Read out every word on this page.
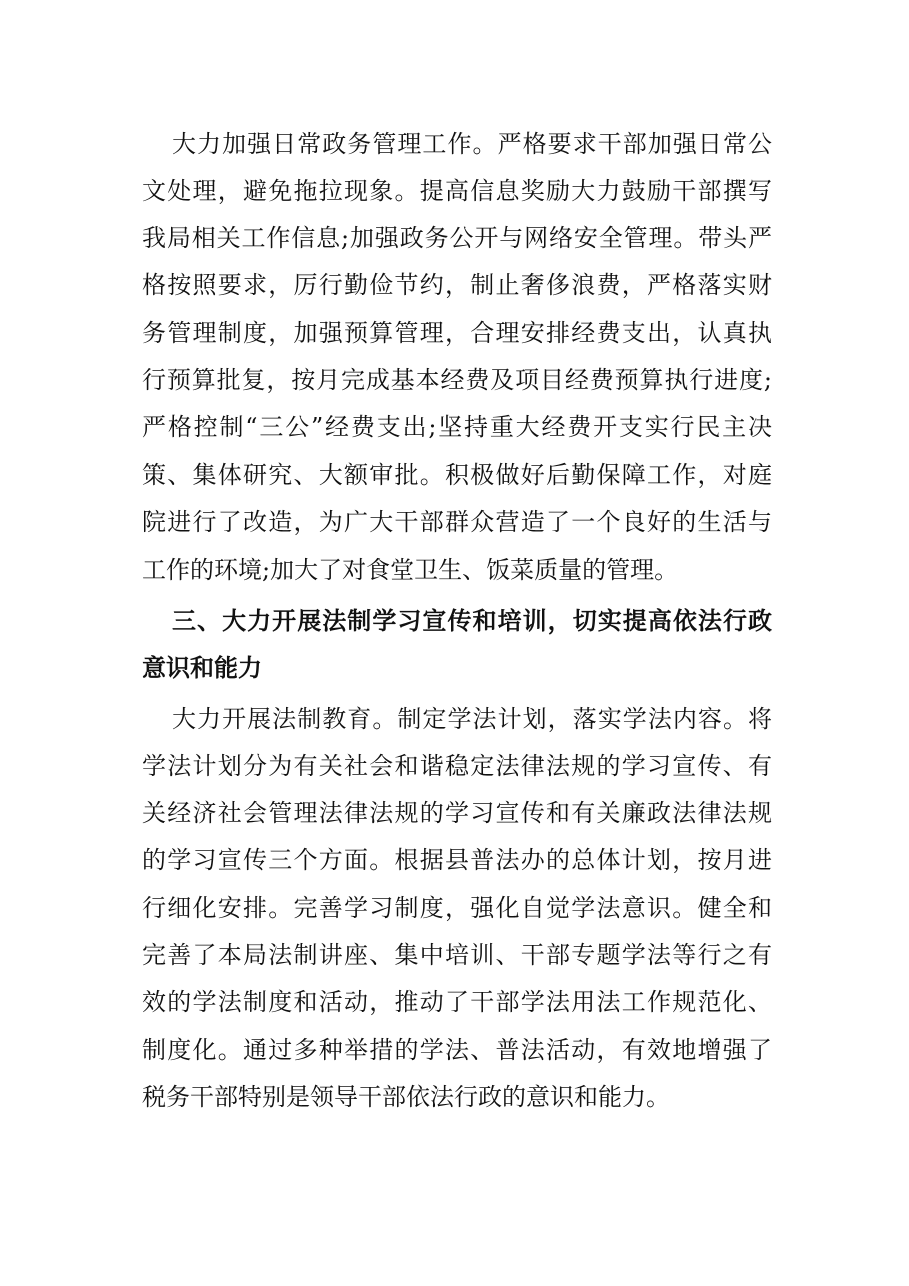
大力加强日常政务管理工作。严格要求干部加强日常公
文处理，避免拖拉现象。提高信息奖励大力鼓励干部撰写
我局相关工作信息;加强政务公开与网络安全管理。带头严
格按照要求，厉行勤俭节约，制止奢侈浪费，严格落实财
务管理制度，加强预算管理，合理安排经费支出，认真执
行预算批复，按月完成基本经费及项目经费预算执行进度;
严格控制“三公”经费支出;坚持重大经费开支实行民主决
策、集体研究、大额审批。积极做好后勤保障工作，对庭
院进行了改造，为广大干部群众营造了一个良好的生活与
工作的环境;加大了对食堂卫生、饭菜质量的管理。
三、大力开展法制学习宣传和培训，切实提高依法行政
意识和能力
大力开展法制教育。制定学法计划，落实学法内容。将
学法计划分为有关社会和谐稳定法律法规的学习宣传、有
关经济社会管理法律法规的学习宣传和有关廉政法律法规
的学习宣传三个方面。根据县普法办的总体计划，按月进
行细化安排。完善学习制度，强化自觉学法意识。健全和
完善了本局法制讲座、集中培训、干部专题学法等行之有
效的学法制度和活动，推动了干部学法用法工作规范化、
制度化。通过多种举措的学法、普法活动，有效地增强了
税务干部特别是领导干部依法行政的意识和能力。
